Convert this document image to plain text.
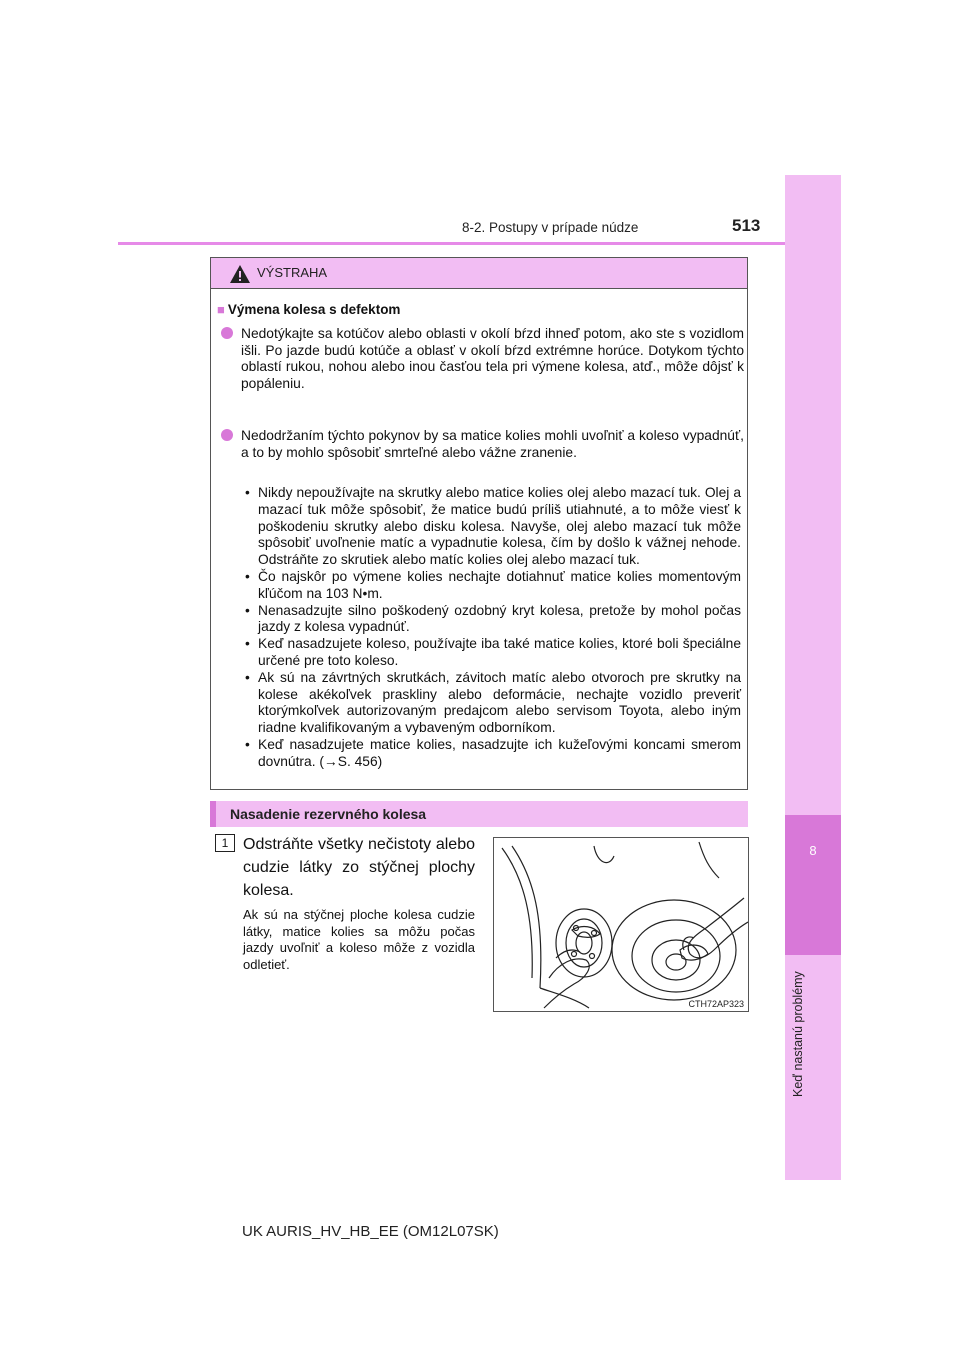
8
Keď nastanú problémy
8-2. Postupy v prípade núdze	513
VÝSTRAHA
■ Výmena kolesa s defektom
Nedotýkajte sa kotúčov alebo oblasti v okolí bŕzd ihneď potom, ako ste s vozidlom išli. Po jazde budú kotúče a oblasť v okolí bŕzd extrémne horúce. Dotykom týchto oblastí rukou, nohou alebo inou časťou tela pri výmene kolesa, atď., môže dôjsť k popáleniu.
Nedodržaním týchto pokynov by sa matice kolies mohli uvoľniť a koleso vypadnúť, a to by mohlo spôsobiť smrteľné alebo vážne zranenie.
• Nikdy nepoužívajte na skrutky alebo matice kolies olej alebo mazací tuk. Olej a mazací tuk môže spôsobiť, že matice budú príliš utiahnuté, a to môže viesť k poškodeniu skrutky alebo disku kolesa. Navyše, olej alebo mazací tuk môže spôsobiť uvoľnenie matíc a vypadnutie kolesa, čím by došlo k vážnej nehode. Odstráňte zo skrutiek alebo matíc kolies olej alebo mazací tuk.
• Čo najskôr po výmene kolies nechajte dotiahnuť matice kolies momentovým kľúčom na 103 N•m.
• Nenasadzujte silno poškodený ozdobný kryt kolesa, pretože by mohol počas jazdy z kolesa vypadnúť.
• Keď nasadzujete koleso, používajte iba také matice kolies, ktoré boli špeciálne určené pre toto koleso.
• Ak sú na závrtných skrutkách, závitoch matíc alebo otvoroch pre skrutky na kolese akékoľvek praskliny alebo deformácie, nechajte vozidlo preveriť ktorýmkoľvek autorizovaným predajcom alebo servisom Toyota, alebo iným riadne kvalifikovaným a vybaveným odborníkom.
• Keď nasadzujete matice kolies, nasadzujte ich kužeľovými koncami smerom dovnútra. (→S. 456)
Nasadenie rezervného kolesa
1 Odstráňte všetky nečistoty alebo cudzie látky zo stýčnej plochy kolesa.
Ak sú na stýčnej ploche kolesa cudzie látky, matice kolies sa môžu počas jazdy uvoľniť a koleso môže z vozidla odletieť.
CTH72AP323
UK AURIS_HV_HB_EE (OM12L07SK)
